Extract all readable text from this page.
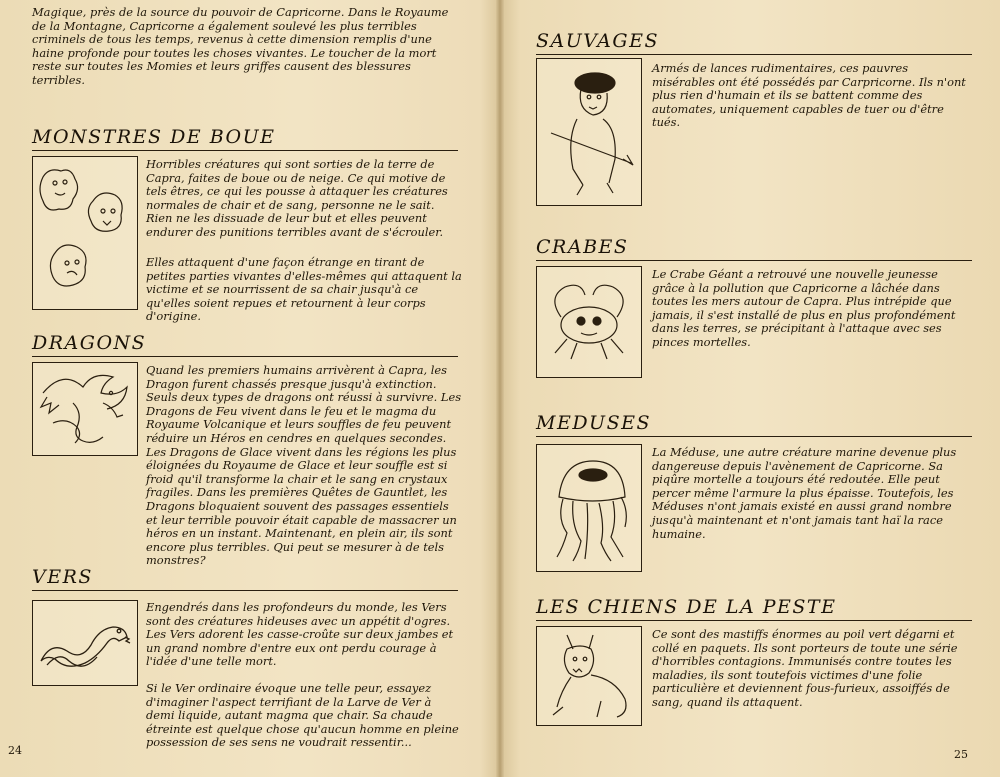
Magique, près de la source du pouvoir de Capricorne. Dans le Royaume de la Montagne, Capricorne a également soulevé les plus terribles criminels de tous les temps, revenus à cette dimension remplis d'une haine profonde pour toutes les choses vivantes. Le toucher de la mort reste sur toutes les Momies et leurs griffes causent des blessures terribles.

MONSTRES DE BOUE

Horribles créatures qui sont sorties de la terre de Capra, faites de boue ou de neige. Ce qui motive de tels êtres, ce qui les pousse à attaquer les créatures normales de chair et de sang, personne ne le sait. Rien ne les dissuade de leur but et elles peuvent endurer des punitions terribles avant de s'écrouler.

Elles attaquent d'une façon étrange en tirant de petites parties vivantes d'elles-mêmes qui attaquent la victime et se nourrissent de sa chair jusqu'à ce qu'elles soient repues et retournent à leur corps d'origine.

DRAGONS

Quand les premiers humains arrivèrent à Capra, les Dragon furent chassés presque jusqu'à extinction. Seuls deux types de dragons ont réussi à survivre. Les Dragons de Feu vivent dans le feu et le magma du Royaume Volcanique et leurs souffles de feu peuvent réduire un Héros en cendres en quelques secondes. Les Dragons de Glace vivent dans les régions les plus éloignées du Royaume de Glace et leur souffle est si froid qu'il transforme la chair et le sang en crystaux fragiles. Dans les premières Quêtes de Gauntlet, les Dragons bloquaient souvent des passages essentiels et leur terrible pouvoir était capable de massacrer un héros en un instant. Maintenant, en plein air, ils sont encore plus terribles. Qui peut se mesurer à de tels monstres?

VERS

Engendrés dans les profondeurs du monde, les Vers sont des créatures hideuses avec un appétit d'ogres. Les Vers adorent les casse-croûte sur deux jambes et un grand nombre d'entre eux ont perdu courage à l'idée d'une telle mort.

Si le Ver ordinaire évoque une telle peur, essayez d'imaginer l'aspect terrifiant de la Larve de Ver à demi liquide, autant magma que chair. Sa chaude étreinte est quelque chose qu'aucun homme en pleine possession de ses sens ne voudrait ressentir...

24
SAUVAGES

Armés de lances rudimentaires, ces pauvres misérables ont été possédés par Carpricorne. Ils n'ont plus rien d'humain et ils se battent comme des automates, uniquement capables de tuer ou d'être tués.

CRABES

Le Crabe Géant a retrouvé une nouvelle jeunesse grâce à la pollution que Capricorne a lâchée dans toutes les mers autour de Capra. Plus intrépide que jamais, il s'est installé de plus en plus profondément dans les terres, se précipitant à l'attaque avec ses pinces mortelles.

MEDUSES

La Méduse, une autre créature marine devenue plus dangereuse depuis l'avènement de Capricorne. Sa piqûre mortelle a toujours été redoutée. Elle peut percer même l'armure la plus épaisse. Toutefois, les Méduses n'ont jamais existé en aussi grand nombre jusqu'à maintenant et n'ont jamais tant haï la race humaine.

LES CHIENS DE LA PESTE

Ce sont des mastiffs énormes au poil vert dégarni et collé en paquets. Ils sont porteurs de toute une série d'horribles contagions. Immunisés contre toutes les maladies, ils sont toutefois victimes d'une folie particulière et deviennent fous-furieux, assoiffés de sang, quand ils attaquent.

25
